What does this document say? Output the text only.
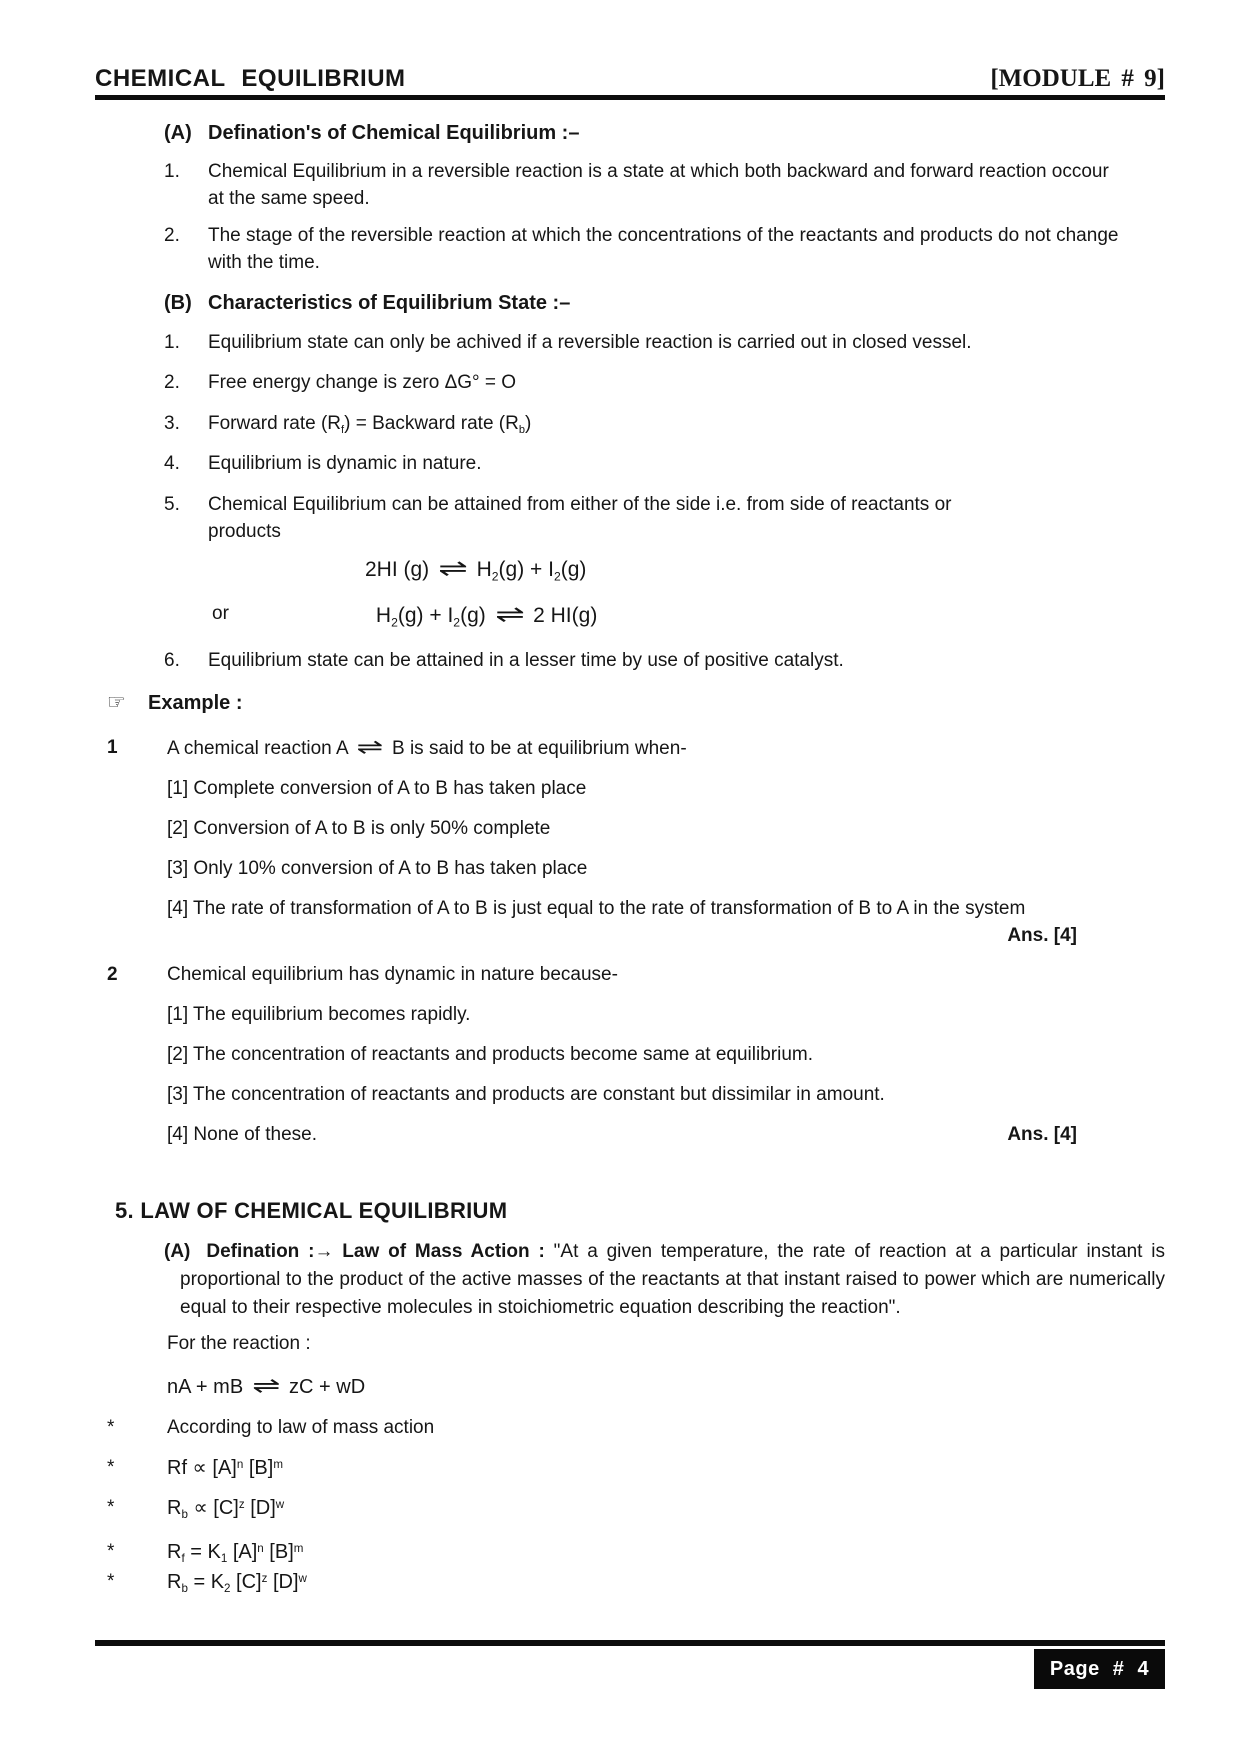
CHEMICAL EQUILIBRIUM	[MODULE # 9]
(A) Defination's of Chemical Equilibrium :–
1.	Chemical Equilibrium in a reversible reaction is a state at which both backward and forward reaction occour
at the same speed.
2.	The stage of the reversible reaction at which the concentrations of the reactants and products do not change
with the time.
(B) Characteristics of Equilibrium State :–
1.	Equilibrium state can only be achived if a reversible reaction is carried out in closed vessel.
2.	Free energy change is zero ΔG° = O
3.	Forward rate $(R_f)$ = Backward rate $(R_b)$
4.	Equilibrium is dynamic in nature.
5.	Chemical Equilibrium can be attained from either of the side i.e. from side of reactants or
products
2HI (g) ⇌ $H_2(g) + I_2(g)$
or	$H_2(g) + I_2(g)$ ⇌ 2 HI(g)
6.	Equilibrium state can be attained in a lesser time by use of positive catalyst.
☞	Example :
1	A chemical reaction A ⇌ B is said to be at equilibrium when-
[1] Complete conversion of A to B has taken place
[2] Conversion of A to B is only 50% complete
[3] Only 10% conversion of A to B has taken place
[4] The rate of transformation of A to B is just equal to the rate of transformation of B to A in the system
Ans. [4]
2	Chemical equilibrium has dynamic in nature because-
[1] The equilibrium becomes rapidly.
[2] The concentration of reactants and products become same at equilibrium.
[3] The concentration of reactants and products are constant but dissimilar in amount.
[4] None of these.	Ans. [4]
5. LAW OF CHEMICAL EQUILIBRIUM
(A) Defination :→ Law of Mass Action : "At a given temperature, the rate of reaction at a particular instant is proportional to the product of the active masses of the reactants at that instant raised to power which are numerically equal to their respective molecules in stoichiometric equation describing the reaction".
For the reaction :
nA + mB ⇌ zC + wD
*	According to law of mass action
*	$Rf \propto [A]^n$ $[B]^m$
*	$R_b \propto [C]^z$ $[D]^w$
*	$R_f = K_1$ $[A]^n$ $[B]^m$
*	$R_b = K_2$ $[C]^z$ $[D]^w$
Page # 4
